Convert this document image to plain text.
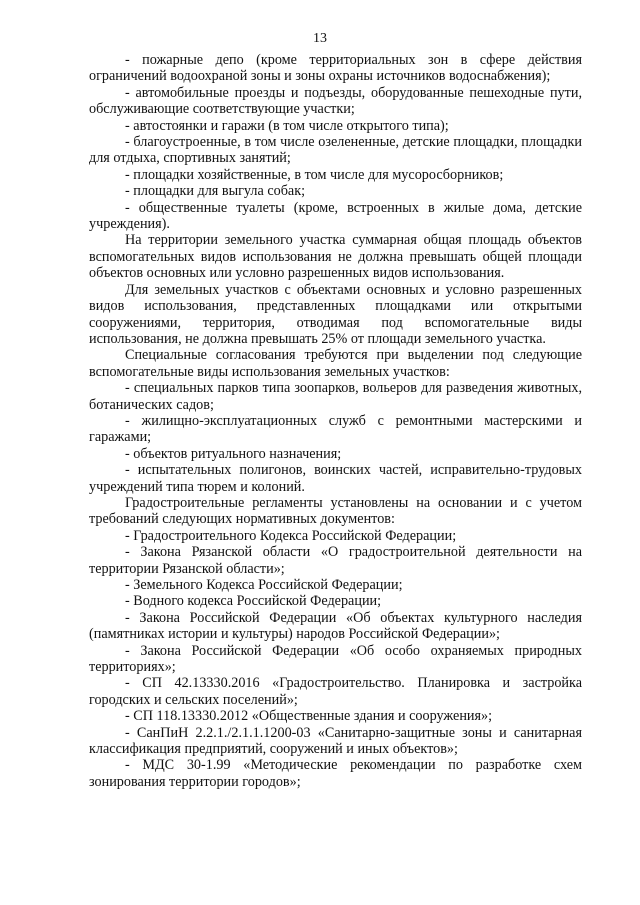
13

- пожарные депо (кроме территориальных зон в сфере действия ограничений водоохраной зоны и зоны охраны источников водоснабжения);

- автомобильные проезды и подъезды, оборудованные пешеходные пути, обслуживающие соответствующие участки;

- автостоянки и гаражи (в том числе открытого типа);

- благоустроенные, в том числе озелененные, детские площадки, площадки для отдыха, спортивных занятий;

- площадки хозяйственные, в том числе для мусоросборников;

- площадки для выгула собак;

- общественные туалеты (кроме, встроенных в жилые дома, детские учреждения).

На территории земельного участка суммарная общая площадь объектов вспомогательных видов использования не должна превышать общей площади объектов основных или условно разрешенных видов использования.

Для земельных участков с объектами основных и условно разрешенных видов использования, представленных площадками или открытыми сооружениями, территория, отводимая под вспомогательные виды использования, не должна превышать 25% от площади земельного участка.

Специальные согласования требуются при выделении под следующие вспомогательные виды использования земельных участков:

- специальных парков типа зоопарков, вольеров для разведения животных, ботанических садов;

- жилищно-эксплуатационных служб с ремонтными мастерскими и гаражами;

- объектов ритуального назначения;

- испытательных полигонов, воинских частей, исправительно-трудовых учреждений типа тюрем и колоний.

Градостроительные регламенты установлены на основании и с учетом требований следующих нормативных документов:

- Градостроительного Кодекса Российской Федерации;

- Закона Рязанской области «О градостроительной деятельности на территории Рязанской области»;

- Земельного Кодекса Российской Федерации;

- Водного кодекса Российской Федерации;

- Закона Российской Федерации «Об объектах культурного наследия (памятниках истории и культуры) народов Российской Федерации»;

- Закона Российской Федерации «Об особо охраняемых природных территориях»;

- СП 42.13330.2016 «Градостроительство. Планировка и застройка городских и сельских поселений»;

- СП 118.13330.2012 «Общественные здания и сооружения»;

- СанПиН 2.2.1./2.1.1.1200-03 «Санитарно-защитные зоны и санитарная классификация предприятий, сооружений и иных объектов»;

- МДС 30-1.99 «Методические рекомендации по разработке схем зонирования территории городов»;
